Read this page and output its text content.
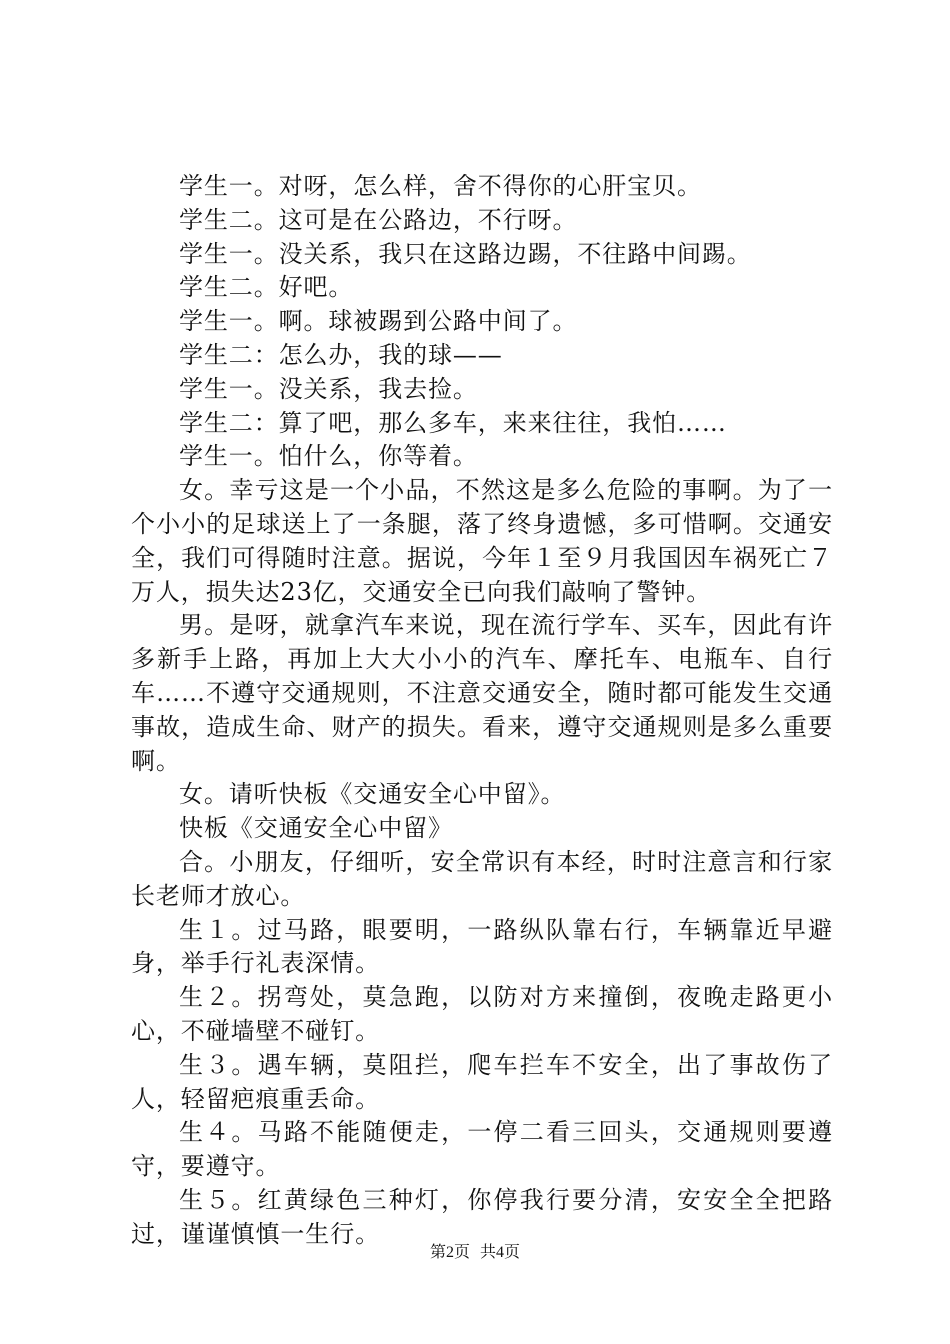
学生一。对呀，怎么样，舍不得你的心肝宝贝。

学生二。这可是在公路边，不行呀。

学生一。没关系，我只在这路边踢，不往路中间踢。

学生二。好吧。

学生一。啊。球被踢到公路中间了。

学生二：怎么办，我的球——

学生一。没关系，我去捡。

学生二：算了吧，那么多车，来来往往，我怕……

学生一。怕什么，你等着。

女。幸亏这是一个小品，不然这是多么危险的事啊。为了一个小小的足球送上了一条腿，落了终身遗憾，多可惜啊。交通安全，我们可得随时注意。据说，今年１至９月我国因车祸死亡７万人，损失达23亿，交通安全已向我们敲响了警钟。

男。是呀，就拿汽车来说，现在流行学车、买车，因此有许多新手上路，再加上大大小小的汽车、摩托车、电瓶车、自行车……不遵守交通规则，不注意交通安全，随时都可能发生交通事故，造成生命、财产的损失。看来，遵守交通规则是多么重要啊。

女。请听快板《交通安全心中留》。

快板《交通安全心中留》

合。小朋友，仔细听，安全常识有本经，时时注意言和行家长老师才放心。

生１。过马路，眼要明，一路纵队靠右行，车辆靠近早避身，举手行礼表深情。

生２。拐弯处，莫急跑，以防对方来撞倒，夜晚走路更小心，不碰墙壁不碰钉。

生３。遇车辆，莫阻拦，爬车拦车不安全，出了事故伤了人，轻留疤痕重丢命。

生４。马路不能随便走，一停二看三回头，交通规则要遵守，要遵守。

生５。红黄绿色三种灯，你停我行要分清，安安全全把路过，谨谨慎慎一生行。

第2页 共4页
